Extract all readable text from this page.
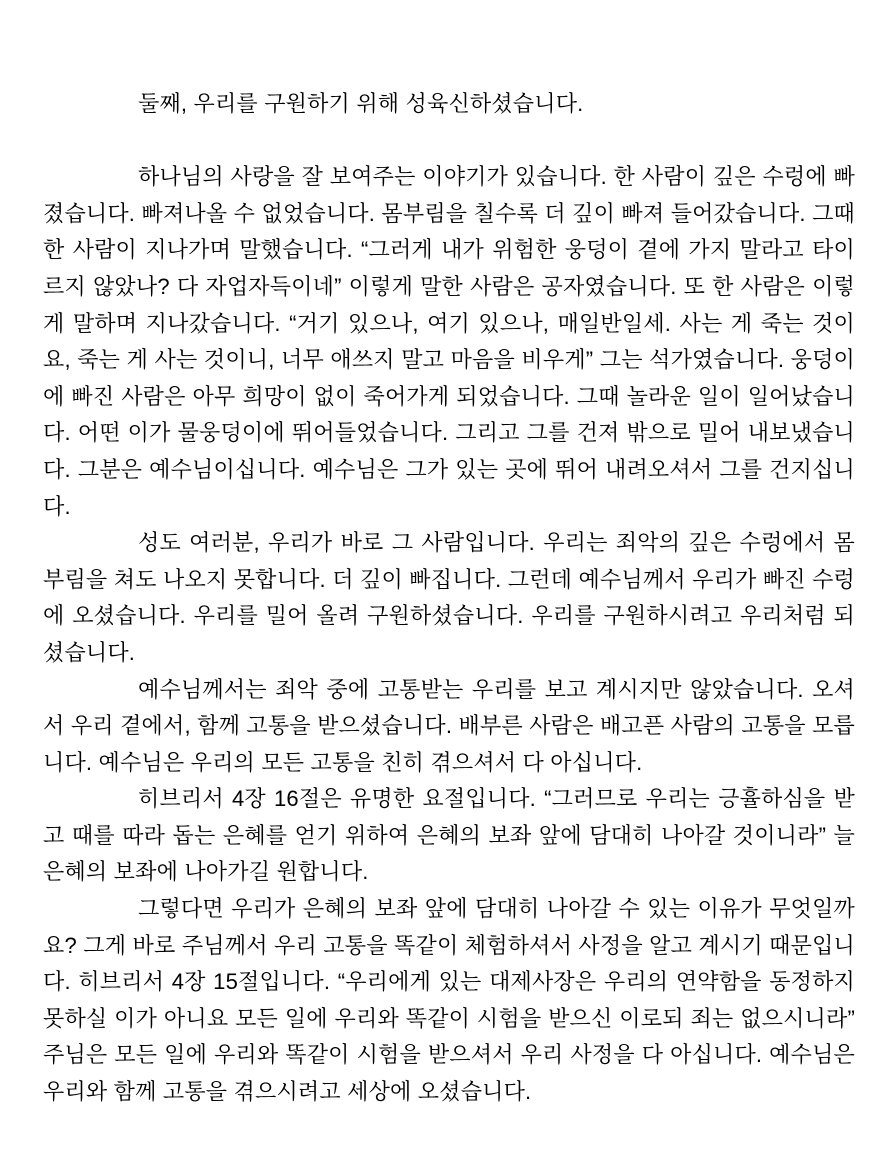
둘째, 우리를 구원하기 위해 성육신하셨습니다.

하나님의 사랑을 잘 보여주는 이야기가 있습니다. 한 사람이 깊은 수렁에 빠졌습니다. 빠져나올 수 없었습니다. 몸부림을 칠수록 더 깊이 빠져 들어갔습니다. 그때 한 사람이 지나가며 말했습니다. “그러게 내가 위험한 웅덩이 곁에 가지 말라고 타이르지 않았나? 다 자업자득이네” 이렇게 말한 사람은 공자였습니다. 또 한 사람은 이렇게 말하며 지나갔습니다. “거기 있으나, 여기 있으나, 매일반일세. 사는 게 죽는 것이요, 죽는 게 사는 것이니, 너무 애쓰지 말고 마음을 비우게” 그는 석가였습니다. 웅덩이에 빠진 사람은 아무 희망이 없이 죽어가게 되었습니다. 그때 놀라운 일이 일어났습니다. 어떤 이가 물웅덩이에 뛰어들었습니다. 그리고 그를 건져 밖으로 밀어 내보냈습니다. 그분은 예수님이십니다. 예수님은 그가 있는 곳에 뛰어 내려오셔서 그를 건지십니다.

성도 여러분, 우리가 바로 그 사람입니다. 우리는 죄악의 깊은 수렁에서 몸부림을 쳐도 나오지 못합니다. 더 깊이 빠집니다. 그런데 예수님께서 우리가 빠진 수렁에 오셨습니다. 우리를 밀어 올려 구원하셨습니다. 우리를 구원하시려고 우리처럼 되셨습니다.

예수님께서는 죄악 중에 고통받는 우리를 보고 계시지만 않았습니다. 오셔서 우리 곁에서, 함께 고통을 받으셨습니다. 배부른 사람은 배고픈 사람의 고통을 모릅니다. 예수님은 우리의 모든 고통을 친히 겪으셔서 다 아십니다.

히브리서 4장 16절은 유명한 요절입니다. “그러므로 우리는 긍휼하심을 받고 때를 따라 돕는 은혜를 얻기 위하여 은혜의 보좌 앞에 담대히 나아갈 것이니라” 늘 은혜의 보좌에 나아가길 원합니다.

그렇다면 우리가 은혜의 보좌 앞에 담대히 나아갈 수 있는 이유가 무엇일까요? 그게 바로 주님께서 우리 고통을 똑같이 체험하셔서 사정을 알고 계시기 때문입니다. 히브리서 4장 15절입니다. “우리에게 있는 대제사장은 우리의 연약함을 동정하지 못하실 이가 아니요 모든 일에 우리와 똑같이 시험을 받으신 이로되 죄는 없으시니라” 주님은 모든 일에 우리와 똑같이 시험을 받으셔서 우리 사정을 다 아십니다. 예수님은 우리와 함께 고통을 겪으시려고 세상에 오셨습니다.
